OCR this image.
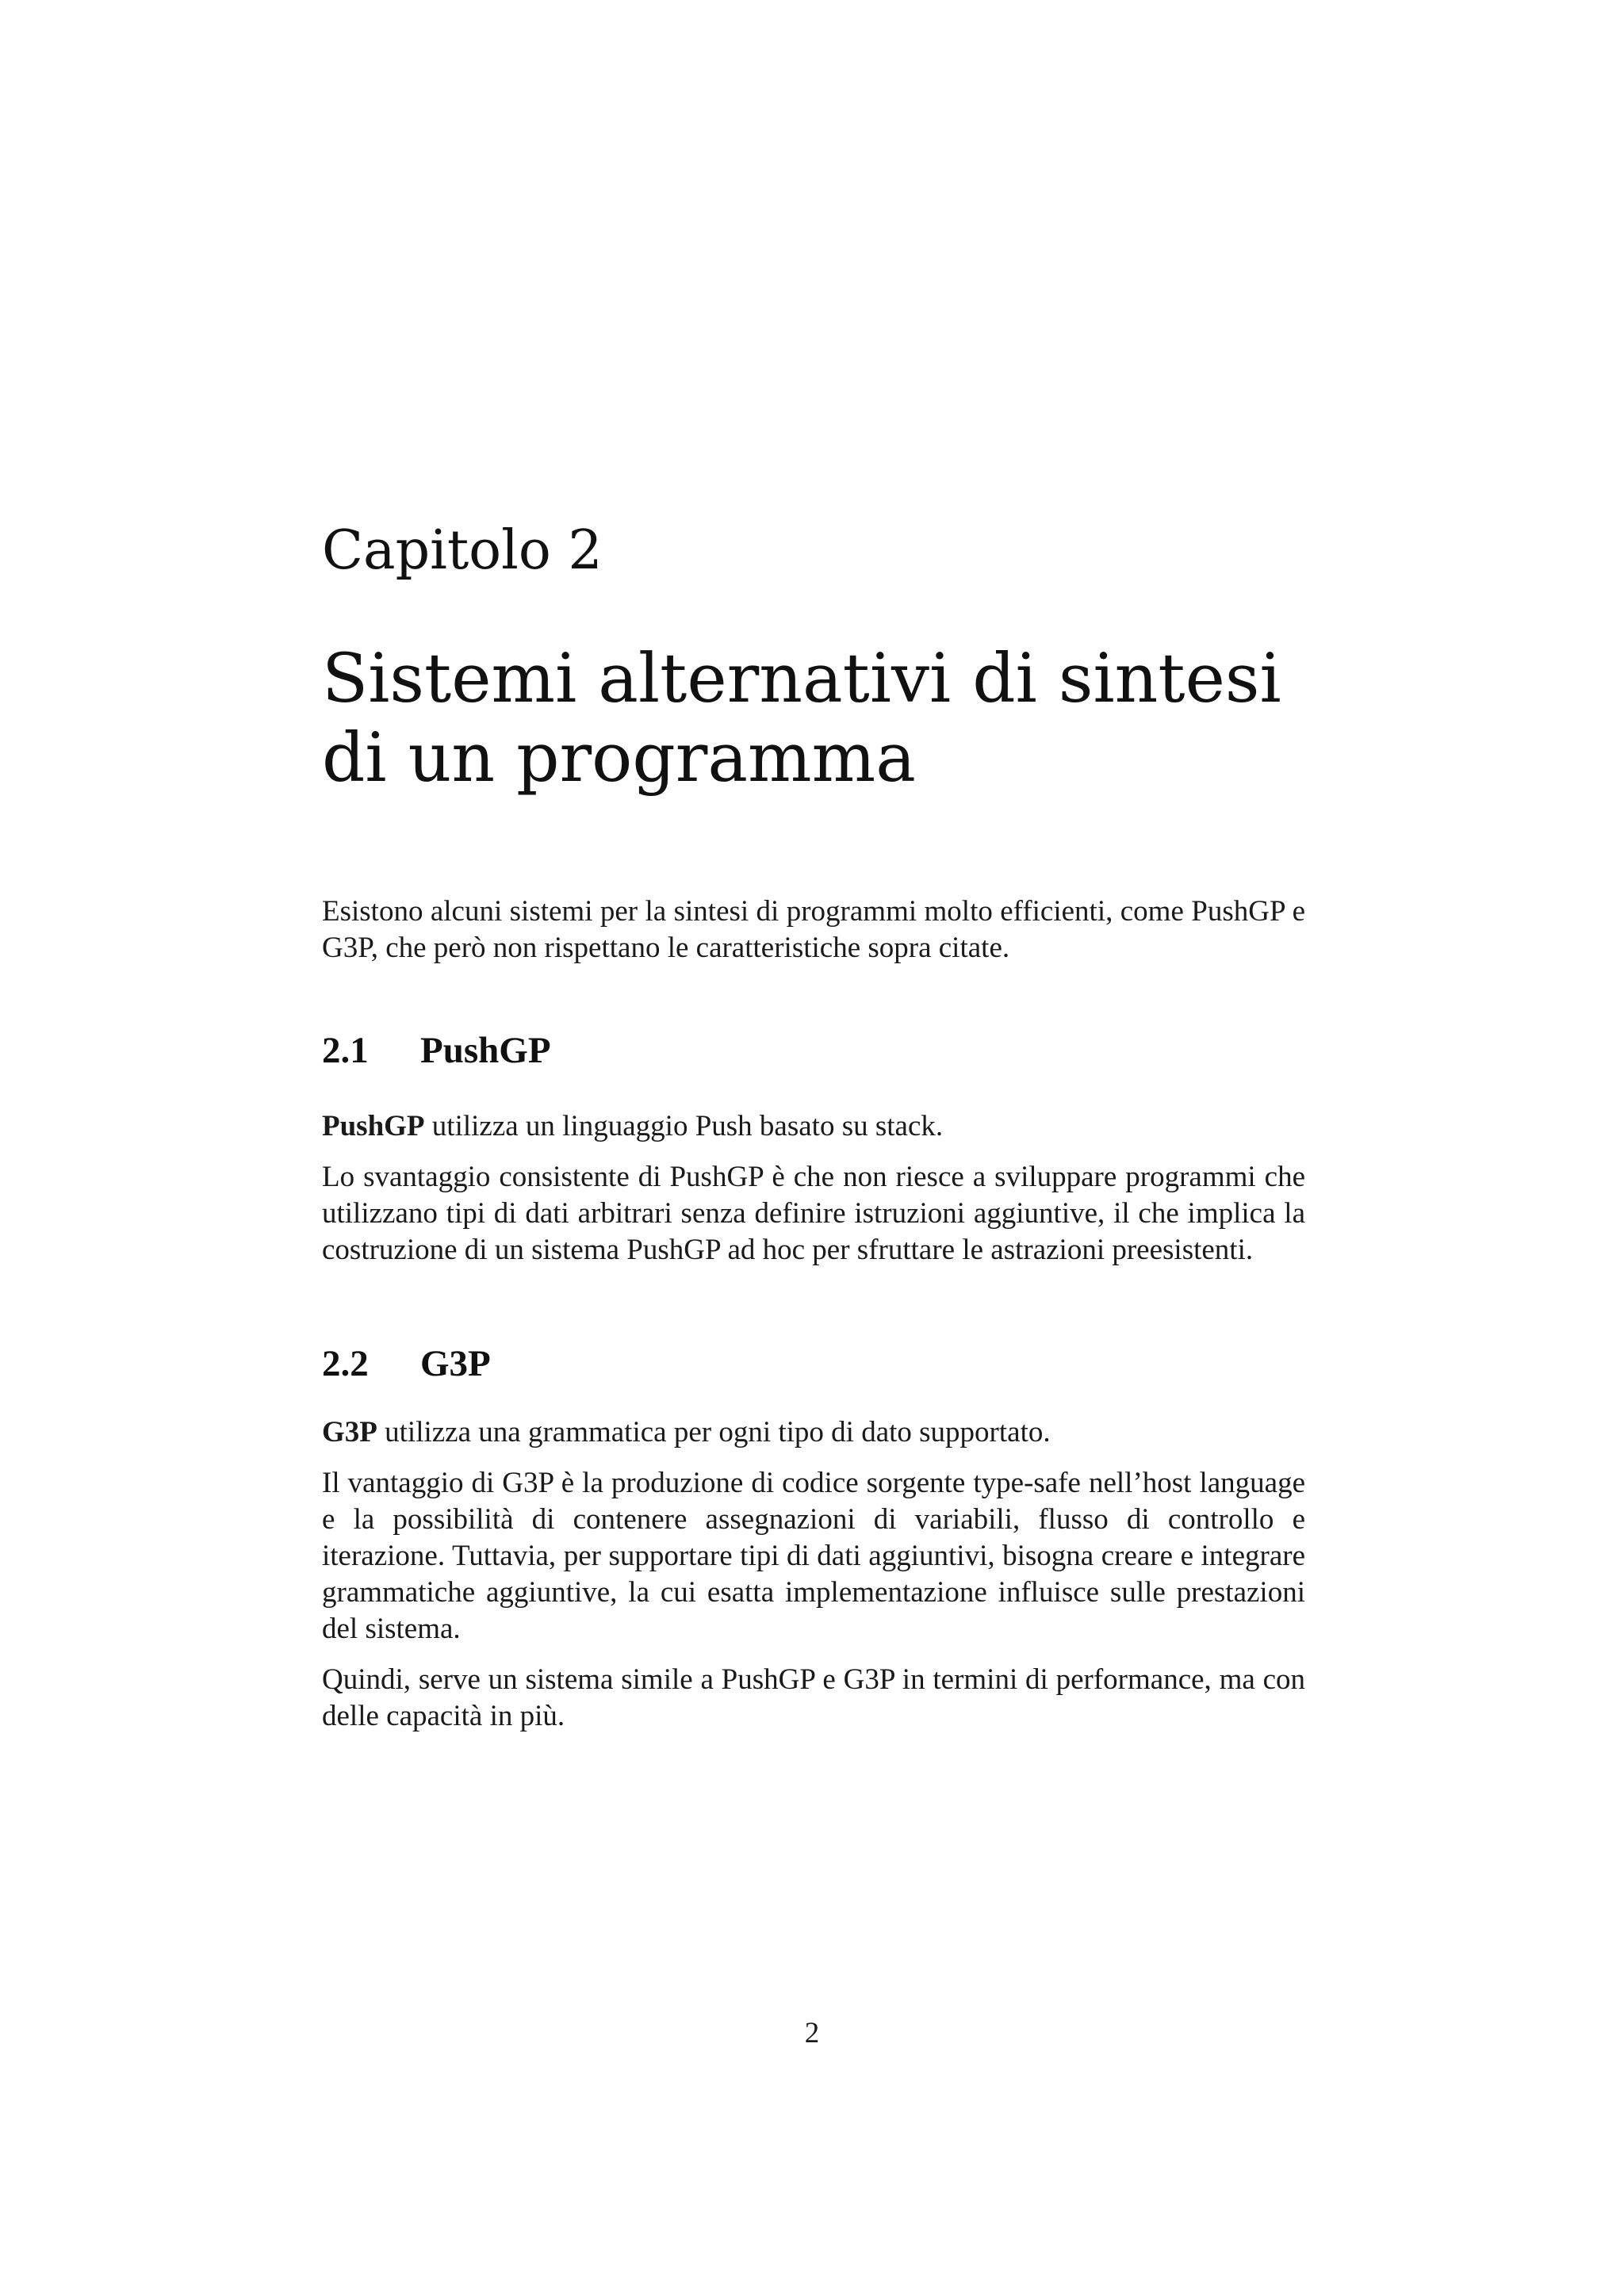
Capitolo 2
Sistemi alternativi di sintesi di un programma

Esistono alcuni sistemi per la sintesi di programmi molto efficienti, come PushGP e G3P, che però non rispettano le caratteristiche sopra citate.

2.1	PushGP

PushGP utilizza un linguaggio Push basato su stack.

Lo svantaggio consistente di PushGP è che non riesce a sviluppare programmi che utilizzano tipi di dati arbitrari senza definire istruzioni aggiuntive, il che implica la costruzione di un sistema PushGP ad hoc per sfruttare le astrazioni preesistenti.

2.2	G3P

G3P utilizza una grammatica per ogni tipo di dato supportato.

Il vantaggio di G3P è la produzione di codice sorgente type-safe nell’host language e la possibilità di contenere assegnazioni di variabili, flusso di controllo e iterazione. Tuttavia, per supportare tipi di dati aggiuntivi, bisogna creare e integrare grammatiche aggiuntive, la cui esatta implementazione influisce sulle prestazioni del sistema.

Quindi, serve un sistema simile a PushGP e G3P in termini di performance, ma con delle capacità in più.

2
